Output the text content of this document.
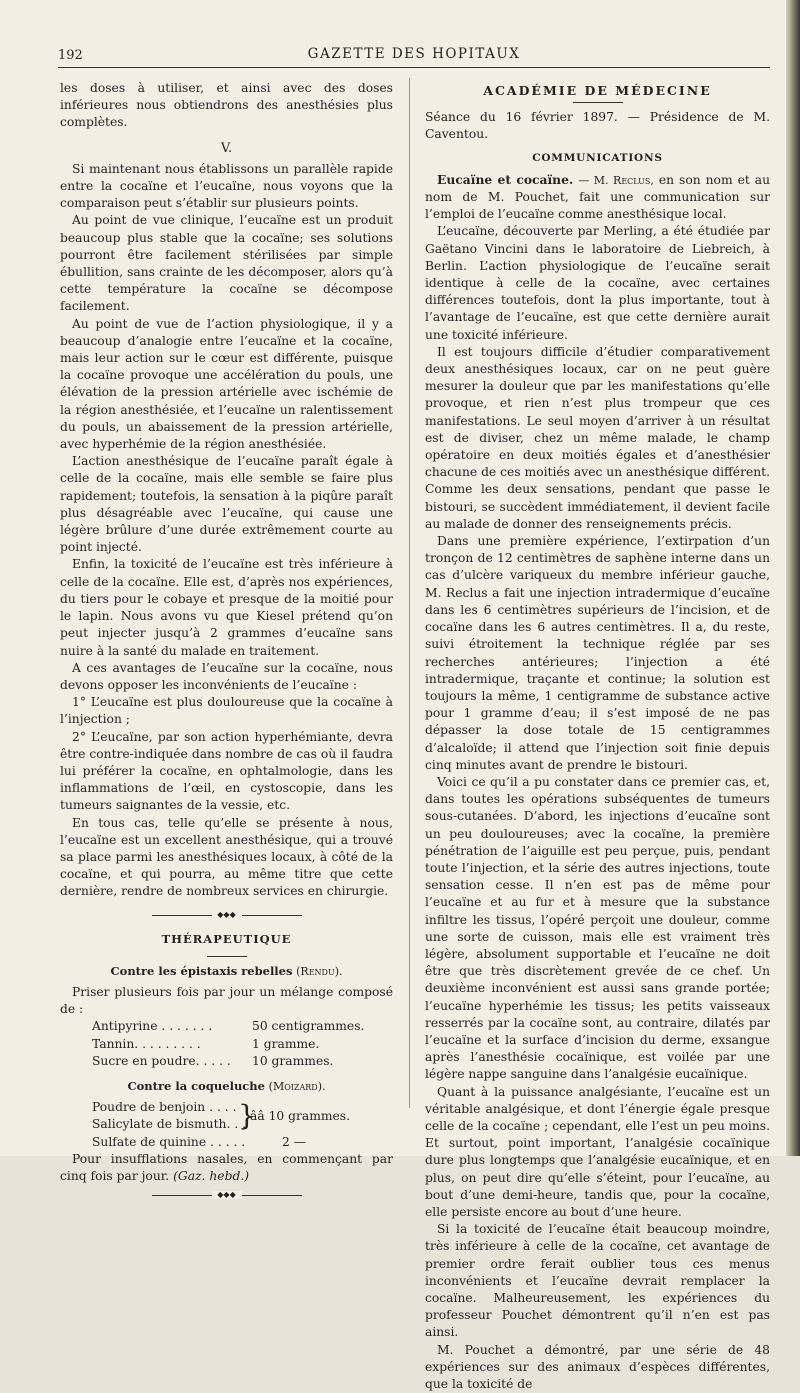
192	GAZETTE DES HOPITAUX

les doses à utiliser, et ainsi avec des doses inférieures nous obtiendrons des anesthésies plus complètes.

V.

Si maintenant nous établissons un parallèle rapide entre la cocaïne et l’eucaïne, nous voyons que la comparaison peut s’établir sur plusieurs points.

Au point de vue clinique, l’eucaïne est un produit beaucoup plus stable que la cocaïne; ses solutions pourront être facilement stérilisées par simple ébullition, sans crainte de les décomposer, alors qu’à cette température la cocaïne se décompose facilement.

Au point de vue de l’action physiologique, il y a beaucoup d’analogie entre l’eucaïne et la cocaïne, mais leur action sur le cœur est différente, puisque la cocaïne provoque une accélération du pouls, une élévation de la pression artérielle avec ischémie de la région anesthésiée, et l’eucaïne un ralentissement du pouls, un abaissement de la pression artérielle, avec hyperhémie de la région anesthésiée.

L’action anesthésique de l’eucaïne paraît égale à celle de la cocaïne, mais elle semble se faire plus rapidement; toutefois, la sensation à la piqûre paraît plus désagréable avec l’eucaïne, qui cause une légère brûlure d’une durée extrêmement courte au point injecté.

Enfin, la toxicité de l’eucaïne est très inférieure à celle de la cocaïne. Elle est, d’après nos expériences, du tiers pour le cobaye et presque de la moitié pour le lapin. Nous avons vu que Kiesel prétend qu’on peut injecter jusqu’à 2 grammes d’eucaïne sans nuire à la santé du malade en traitement.

A ces avantages de l’eucaïne sur la cocaïne, nous devons opposer les inconvénients de l’eucaïne :

1° L’eucaïne est plus douloureuse que la cocaïne à l’injection ;

2° L’eucaïne, par son action hyperhémiante, devra être contre-indiquée dans nombre de cas où il faudra lui préférer la cocaïne, en ophtalmologie, dans les inflammations de l’œil, en cystoscopie, dans les tumeurs saignantes de la vessie, etc.

En tous cas, telle qu’elle se présente à nous, l’eucaïne est un excellent anesthésique, qui a trouvé sa place parmi les anesthésiques locaux, à côté de la cocaïne, et qui pourra, au même titre que cette dernière, rendre de nombreux services en chirurgie.

◆◆◆
THÉRAPEUTIQUE
Contre les épistaxis rebelles (Rendu).

Priser plusieurs fois par jour un mélange composé de :

Antipyrine . . . . . . .	50 centigrammes.
Tannin. . . . . . . . .	1 gramme.
Sucre en poudre. . . . .	10 grammes.
Contre la coqueluche (Moizard).
Poudre de benjoin . . . .
Salicylate de bismuth. . .
}
ââ 10 grammes.
Sulfate de quinine . . . . .	2 —

Pour insufflations nasales, en commençant par cinq fois par jour. (Gaz. hebd.)

◆◆◆
ACADÉMIE DE MÉDECINE

Séance du 16 février 1897. — Présidence de M. Caventou.

COMMUNICATIONS

Eucaïne et cocaïne. — M. Reclus, en son nom et au nom de M. Pouchet, fait une communication sur l’emploi de l’eucaïne comme anesthésique local.

L’eucaïne, découverte par Merling, a été étudiée par Gaëtano Vincini dans le laboratoire de Liebreich, à Berlin. L’action physiologique de l’eucaïne serait identique à celle de la cocaïne, avec certaines différences toutefois, dont la plus importante, tout à l’avantage de l’eucaïne, est que cette dernière aurait une toxicité inférieure.

Il est toujours difficile d’étudier comparativement deux anesthésiques locaux, car on ne peut guère mesurer la douleur que par les manifestations qu’elle provoque, et rien n’est plus trompeur que ces manifestations. Le seul moyen d’arriver à un résultat est de diviser, chez un même malade, le champ opératoire en deux moitiés égales et d’anesthésier chacune de ces moitiés avec un anesthésique différent. Comme les deux sensations, pendant que passe le bistouri, se succèdent immédiatement, il devient facile au malade de donner des renseignements précis.

Dans une première expérience, l’extirpation d’un tronçon de 12 centimètres de saphène interne dans un cas d’ulcère variqueux du membre inférieur gauche, M. Reclus a fait une injection intradermique d’eucaïne dans les 6 centimètres supérieurs de l’incision, et de cocaïne dans les 6 autres centimètres. Il a, du reste, suivi étroitement la technique réglée par ses recherches antérieures; l’injection a été intradermique, traçante et continue; la solution est toujours la même, 1 centigramme de substance active pour 1 gramme d’eau; il s’est imposé de ne pas dépasser la dose totale de 15 centigrammes d’alcaloïde; il attend que l’injection soit finie depuis cinq minutes avant de prendre le bistouri.

Voici ce qu’il a pu constater dans ce premier cas, et, dans toutes les opérations subséquentes de tumeurs sous-cutanées. D’abord, les injections d’eucaïne sont un peu douloureuses; avec la cocaïne, la première pénétration de l’aiguille est peu perçue, puis, pendant toute l’injection, et la série des autres injections, toute sensation cesse. Il n’en est pas de même pour l’eucaïne et au fur et à mesure que la substance infiltre les tissus, l’opéré perçoit une douleur, comme une sorte de cuisson, mais elle est vraiment très légère, absolument supportable et l’eucaïne ne doit être que très discrètement grevée de ce chef. Un deuxième inconvénient est aussi sans grande portée; l’eucaïne hyperhémie les tissus; les petits vaisseaux resserrés par la cocaïne sont, au contraire, dilatés par l’eucaïne et la surface d’incision du derme, exsangue après l’anesthésie cocaïnique, est voilée par une légère nappe sanguine dans l’analgésie eucaïnique.

Quant à la puissance analgésiante, l’eucaïne est un véritable analgésique, et dont l’énergie égale presque celle de la cocaïne ; cependant, elle l’est un peu moins. Et surtout, point important, l’analgésie cocaïnique dure plus longtemps que l’analgésie eucaïnique, et en plus, on peut dire qu’elle s’éteint, pour l’eucaïne, au bout d’une demi-heure, tandis que, pour la cocaïne, elle persiste encore au bout d’une heure.

Si la toxicité de l’eucaïne était beaucoup moindre, très inférieure à celle de la cocaïne, cet avantage de premier ordre ferait oublier tous ces menus inconvénients et l’eucaïne devrait remplacer la cocaïne. Malheureusement, les expériences du professeur Pouchet démontrent qu’il n’en est pas ainsi.

M. Pouchet a démontré, par une série de 48 expériences sur des animaux d’espèces différentes, que la toxicité de
